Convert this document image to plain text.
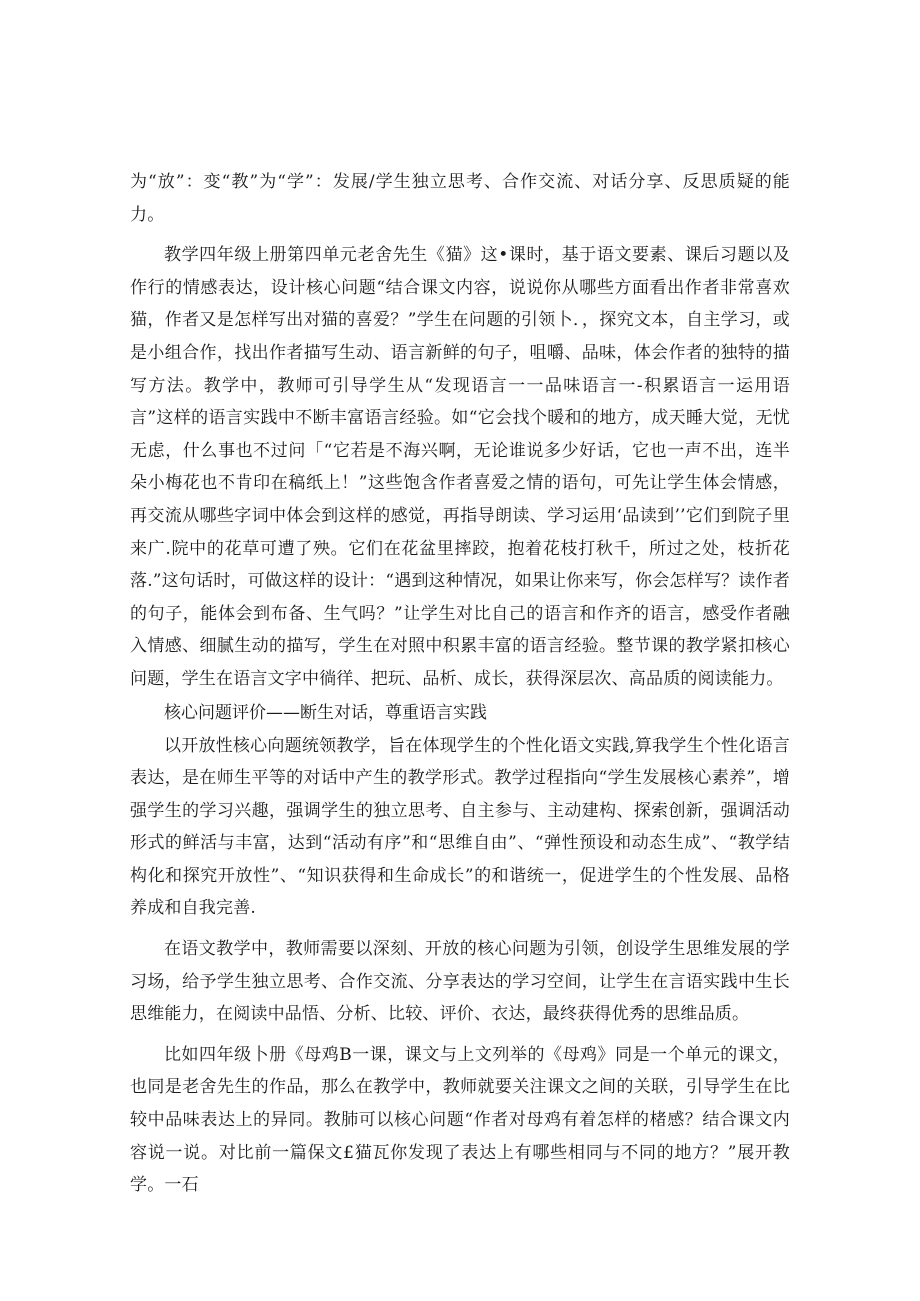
为“放”：变“教”为“学”：发展/学生独立思考、合作交流、对话分享、反思质疑的能力。

教学四年级上册第四单元老舍先生《猫》这•课时，基于语文要素、课后习题以及作行的情感表达，设计核心问题“结合课文内容，说说你从哪些方面看出作者非常喜欢猫，作者又是怎样写出对猫的喜爱？”学生在问题的引领卜．，探究文本，自主学习，或是小组合作，找出作者描写生动、语言新鲜的句子，咀嚼、品味，体会作者的独特的描写方法。教学中，教师可引导学生从“发现语言一一品味语言一-积累语言一运用语言”这样的语言实践中不断丰富语言经验。如“它会找个暖和的地方，成天睡大觉，无忧无虑，什么事也不过问「“它若是不海兴啊，无论谁说多少好话，它也一声不出，连半朵小梅花也不肯印在稿纸上！”这些饱含作者喜爱之情的语句，可先让学生体会情感，再交流从哪些字词中体会到这样的感觉，再指导朗读、学习运用‘品读到’’它们到院子里来广.院中的花草可遭了殃。它们在花盆里摔跤，抱着花枝打秋千，所过之处，枝折花落.”这句话时，可做这样的设计：“遇到这种情况，如果让你来写，你会怎样写？读作者的句子，能体会到布备、生气吗？”让学生对比自己的语言和作齐的语言，感受作者融入情感、细腻生动的描写，学生在对照中积累丰富的语言经验。整节课的教学紧扣核心问题，学生在语言文字中徜徉、把玩、品析、成长，获得深层次、高品质的阅读能力。

核心问题评价——断生对话，尊重语言实践

以开放性核心向题统领教学，旨在体现学生的个性化语文实践,算我学生个性化语言表达，是在师生平等的对话中产生的教学形式。教学过程指向“学生发展核心素养”，增强学生的学习兴趣，强调学生的独立思考、自主参与、主动建构、探索创新，强调活动形式的鲜活与丰富，达到“活动有序”和“思维自由”、“弹性预设和动态生成”、“教学结构化和探究开放性”、“知识获得和生命成长”的和谐统一，促进学生的个性发展、品格养成和自我完善.

在语文教学中，教师需要以深刻、开放的核心问题为引领，创设学生思维发展的学习场，给予学生独立思考、合作交流、分享表达的学习空间，让学生在言语实践中生长思维能力，在阅读中品悟、分析、比较、评价、衣达，最终获得优秀的思维品质。

比如四年级卜册《母鸡B一课，课文与上文列举的《母鸡》同是一个单元的课文，也同是老舍先生的作品，那么在教学中，教师就要关注课文之间的关联，引导学生在比较中品味表达上的异同。教肺可以核心问题“作者对母鸡有着怎样的楮感？结合课文内容说一说。对比前一篇保文£猫瓦你发现了表达上有哪些相同与不同的地方？”展开教学。一石
